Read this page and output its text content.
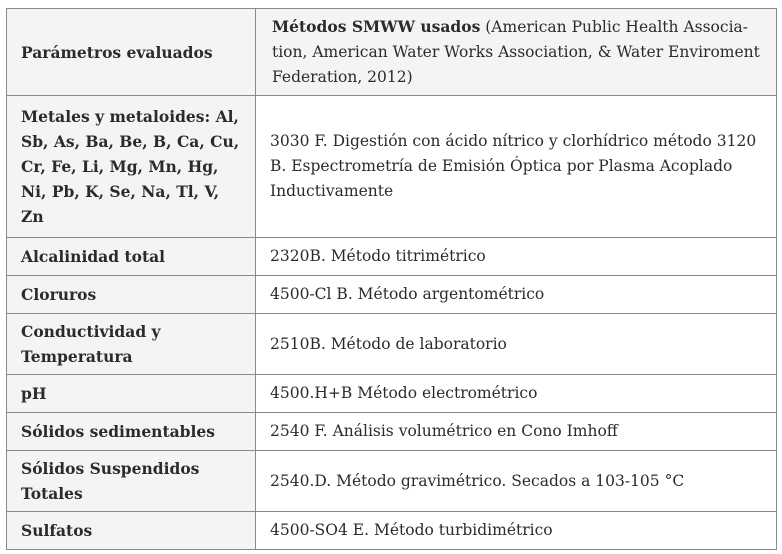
Parámetros evaluados	Métodos SMWW usados (American Public Health Associa-tion, American Water Works Association, & Water Enviroment Federation, 2012)
Metales y metaloides: Al, Sb, As, Ba, Be, B, Ca, Cu, Cr, Fe, Li, Mg, Mn, Hg, Ni, Pb, K, Se, Na, Tl, V, Zn	3030 F. Digestión con ácido nítrico y clorhídrico método 3120 B. Espectrometría de Emisión Óptica por Plasma Acoplado Inductivamente
Alcalinidad total	2320B. Método titrimétrico
Cloruros	4500-Cl B. Método argentométrico
Conductividad y Temperatura	2510B. Método de laboratorio
pH	4500.H+B Método electrométrico
Sólidos sedimentables	2540 F. Análisis volumétrico en Cono Imhoff
Sólidos Suspendidos Totales	2540.D. Método gravimétrico. Secados a 103-105 °C
Sulfatos	4500-SO4 E. Método turbidimétrico
